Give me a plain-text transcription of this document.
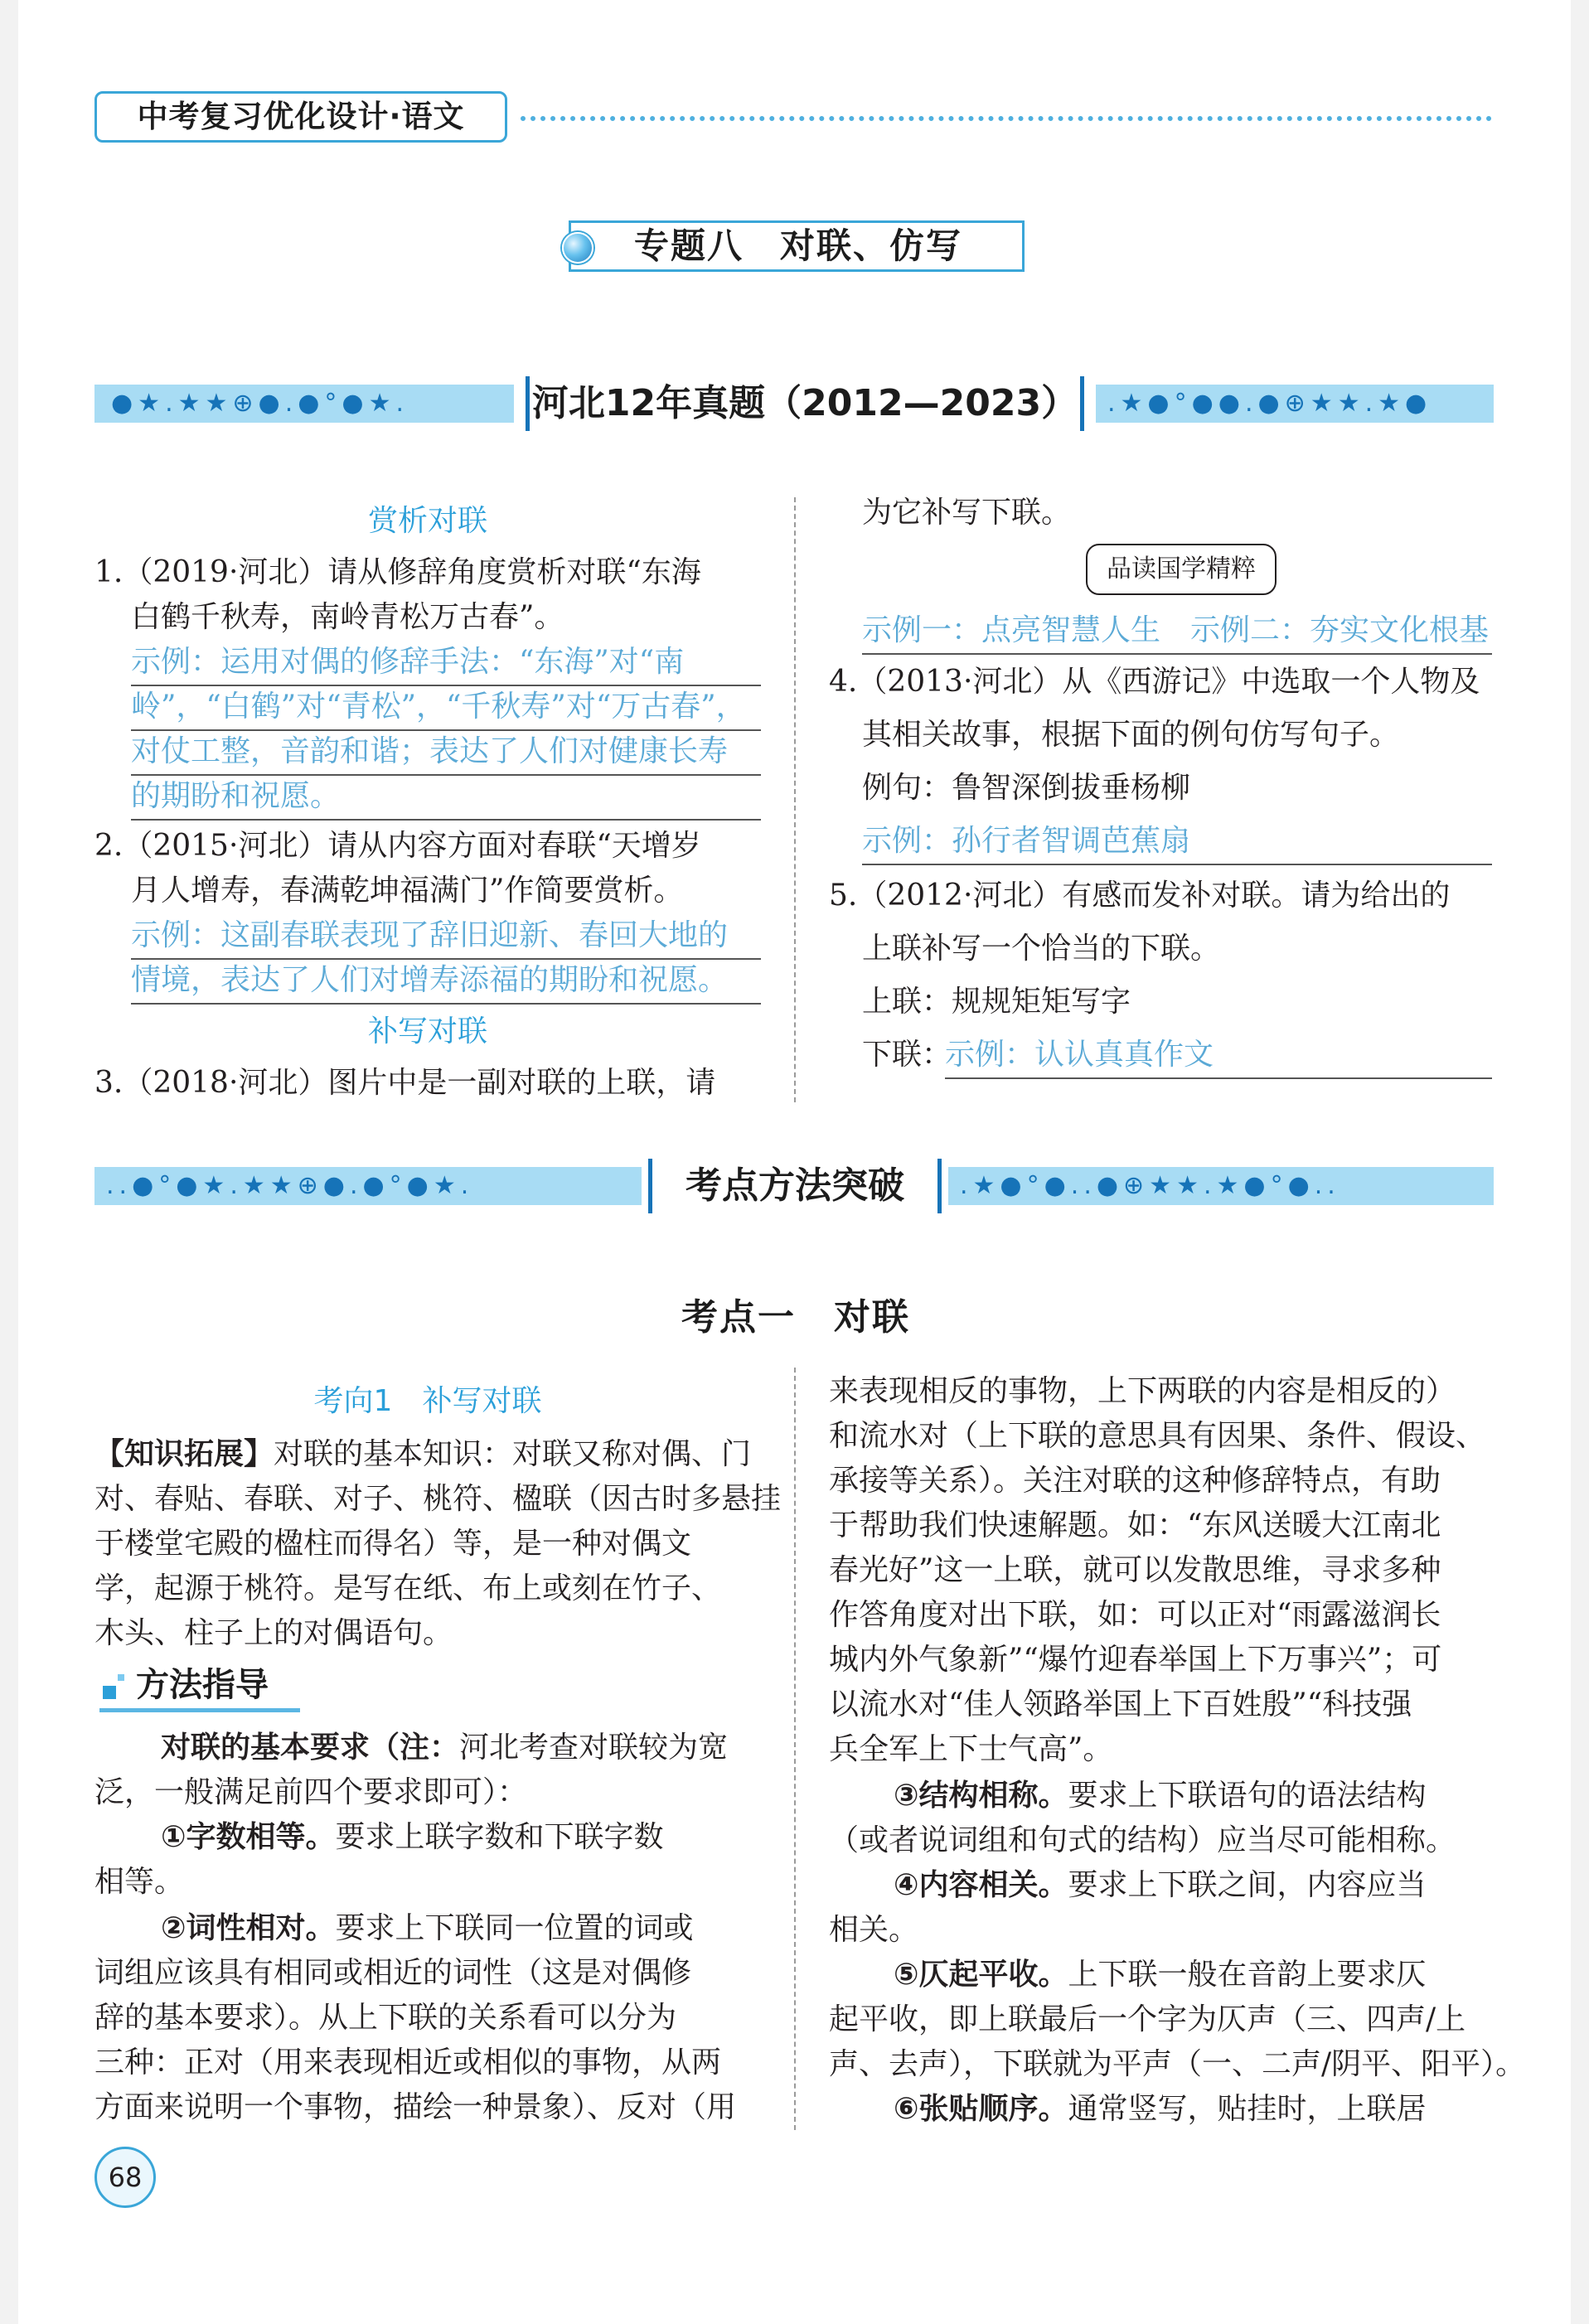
中考复习优化设计·语文
专题八　对联、仿写
●★.★★⊕●.●°●★.	河北12年真题（2012—2023）	.★●°●●.●⊕★★.★●
赏析对联
1.（2019·河北）请从修辞角度赏析对联“东海
白鹤千秋寿，南岭青松万古春”。
示例：运用对偶的修辞手法：“东海”对“南
岭”，“白鹤”对“青松”，“千秋寿”对“万古春”，
对仗工整，音韵和谐；表达了人们对健康长寿
的期盼和祝愿。
2.（2015·河北）请从内容方面对春联“天增岁
月人增寿，春满乾坤福满门”作简要赏析。
示例：这副春联表现了辞旧迎新、春回大地的
情境，表达了人们对增寿添福的期盼和祝愿。
补写对联
3.（2018·河北）图片中是一副对联的上联，请
为它补写下联。
品读国学精粹
示例一：点亮智慧人生　示例二：夯实文化根基
4.（2013·河北）从《西游记》中选取一个人物及
其相关故事，根据下面的例句仿写句子。
例句：鲁智深倒拔垂杨柳
示例：孙行者智调芭蕉扇
5.（2012·河北）有感而发补对联。请为给出的
上联补写一个恰当的下联。
上联：规规矩矩写字
下联：
示例：认认真真作文
..●°●★.★★⊕●.●°●★.	考点方法突破	.★●°●..●⊕★★.★●°●..
考点一　对联
考向1　补写对联
【知识拓展】对联的基本知识：对联又称对偶、门
对、春贴、春联、对子、桃符、楹联（因古时多悬挂
于楼堂宅殿的楹柱而得名）等，是一种对偶文
学，起源于桃符。是写在纸、布上或刻在竹子、
木头、柱子上的对偶语句。
方法指导
对联的基本要求（注：河北考查对联较为宽
泛，一般满足前四个要求即可）：
①字数相等。要求上联字数和下联字数
相等。
②词性相对。要求上下联同一位置的词或
词组应该具有相同或相近的词性（这是对偶修
辞的基本要求）。从上下联的关系看可以分为
三种：正对（用来表现相近或相似的事物，从两
方面来说明一个事物，描绘一种景象）、反对（用
来表现相反的事物，上下两联的内容是相反的）
和流水对（上下联的意思具有因果、条件、假设、
承接等关系）。关注对联的这种修辞特点，有助
于帮助我们快速解题。如：“东风送暖大江南北
春光好”这一上联，就可以发散思维，寻求多种
作答角度对出下联，如：可以正对“雨露滋润长
城内外气象新”“爆竹迎春举国上下万事兴”；可
以流水对“佳人领路举国上下百姓殷”“科技强
兵全军上下士气高”。
③结构相称。要求上下联语句的语法结构
（或者说词组和句式的结构）应当尽可能相称。
④内容相关。要求上下联之间，内容应当
相关。
⑤仄起平收。上下联一般在音韵上要求仄
起平收，即上联最后一个字为仄声（三、四声/上
声、去声），下联就为平声（一、二声/阴平、阳平）。
⑥张贴顺序。通常竖写，贴挂时，上联居
68
